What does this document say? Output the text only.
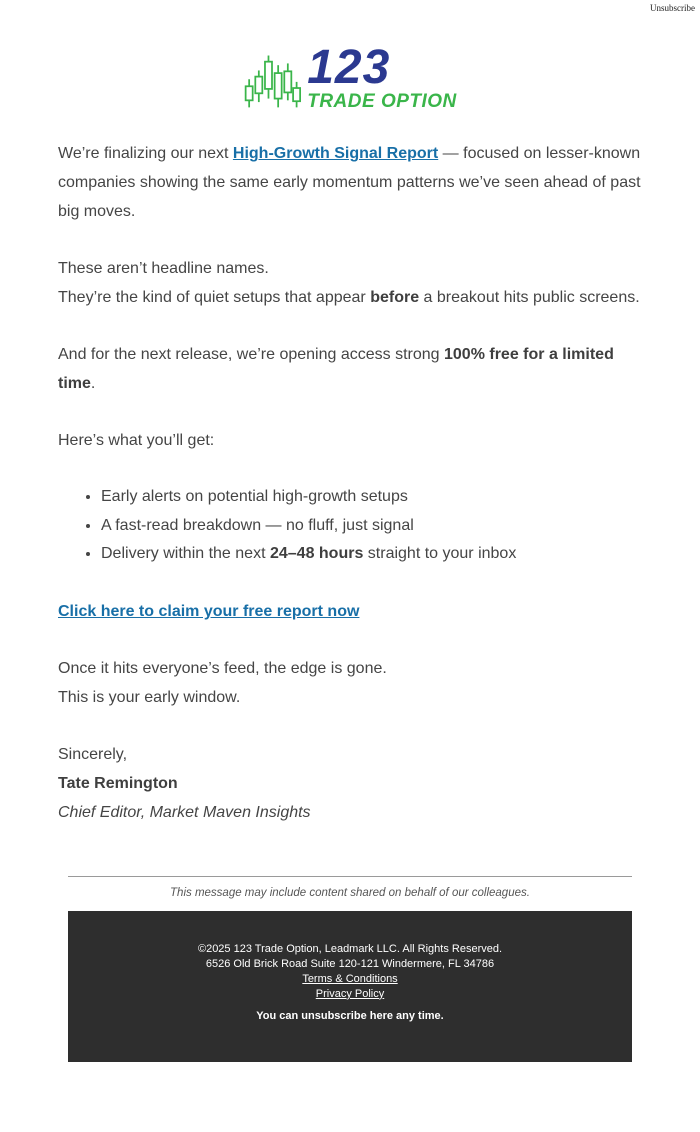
Unsubscribe
123
TRADE OPTION

We’re finalizing our next High-Growth Signal Report — focused on lesser-known companies showing the same early momentum patterns we’ve seen ahead of past big moves.

These aren’t headline names.
They’re the kind of quiet setups that appear before a breakout hits public screens.

And for the next release, we’re opening access strong 100% free for a limited time.

Here’s what you’ll get:

• Early alerts on potential high-growth setups
• A fast-read breakdown — no fluff, just signal
• Delivery within the next 24–48 hours straight to your inbox

Click here to claim your free report now

Once it hits everyone’s feed, the edge is gone.
This is your early window.

Sincerely,
Tate Remington
Chief Editor, Market Maven Insights
This message may include content shared on behalf of our colleagues.
©2025 123 Trade Option, Leadmark LLC. All Rights Reserved.
6526 Old Brick Road Suite 120-121 Windermere, FL 34786
Terms & Conditions
Privacy Policy
You can unsubscribe here any time.
